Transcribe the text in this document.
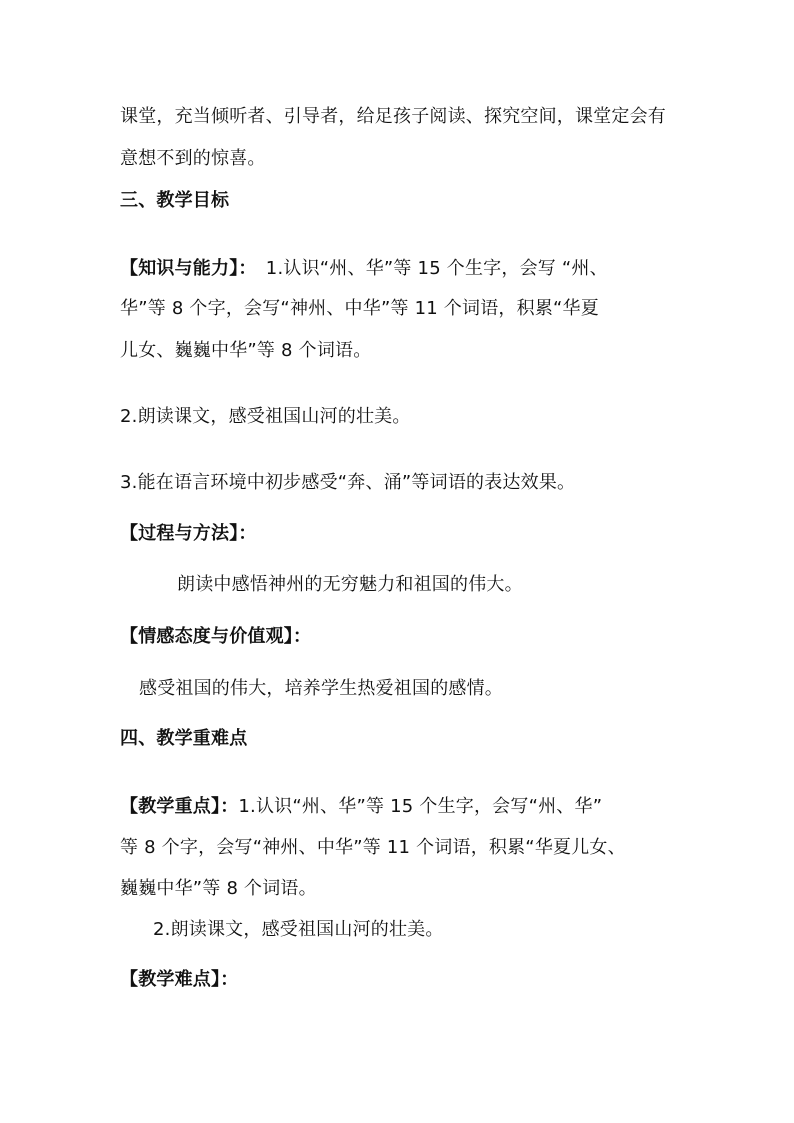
课堂，充当倾听者、引导者，给足孩子阅读、探究空间，课堂定会有
意想不到的惊喜。
三、教学目标
【知识与能力】：　1.认识“州、华”等 15 个生字，会写 “州、
华”等 8 个字，会写“神州、中华”等 11 个词语，积累“华夏
儿女、巍巍中华”等 8 个词语。
2.朗读课文，感受祖国山河的壮美。
3.能在语言环境中初步感受“奔、涌”等词语的表达效果。
【过程与方法】：
朗读中感悟神州的无穷魅力和祖国的伟大。
【情感态度与价值观】：
感受祖国的伟大，培养学生热爱祖国的感情。
四、教学重难点
【教学重点】：1.认识“州、华”等 15 个生字，会写“州、华”
等 8 个字，会写“神州、中华”等 11 个词语，积累“华夏儿女、
巍巍中华”等 8 个词语。
2.朗读课文，感受祖国山河的壮美。
【教学难点】：
